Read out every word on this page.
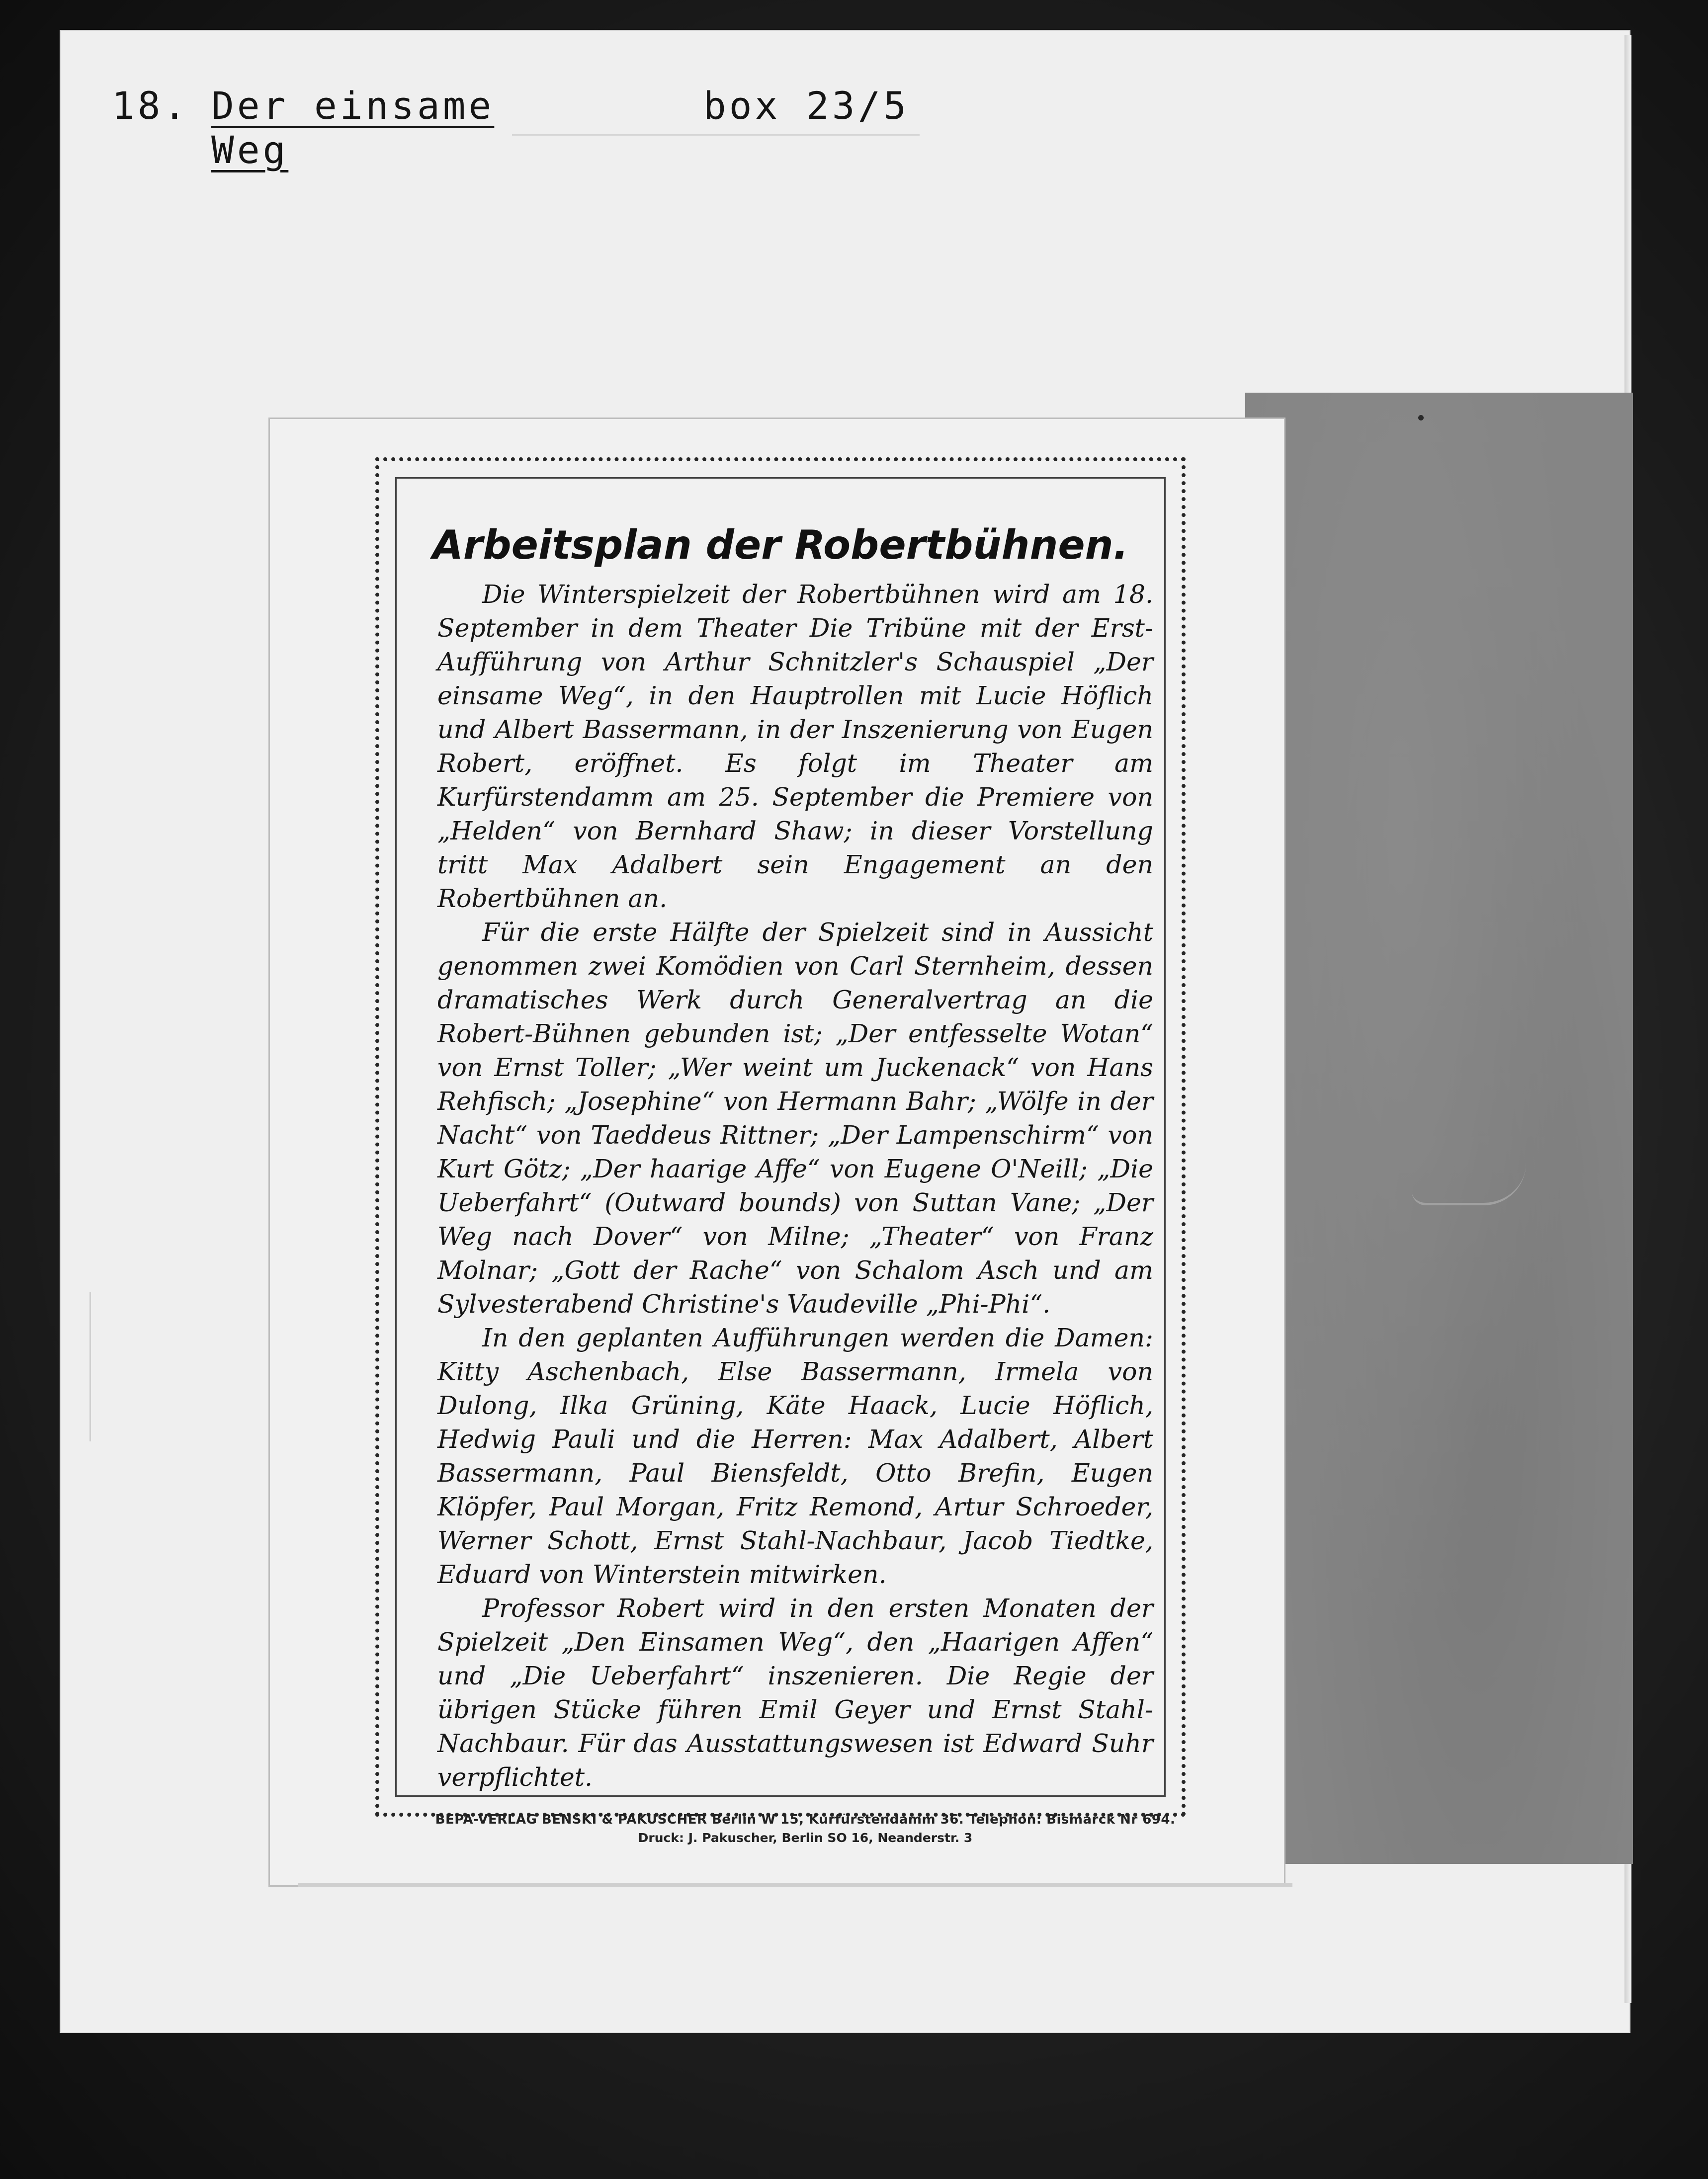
18. Der einsame Weg
box 23/5
Arbeitsplan der Robertbühnen.

Die Winterspielzeit der Robertbühnen wird am 18. September in dem Theater Die Tribüne mit der Erst-Aufführung von Arthur Schnitzler's Schauspiel „Der einsame Weg“, in den Hauptrollen mit Lucie Höflich und Albert Bassermann, in der Inszenierung von Eugen Robert, eröffnet. Es folgt im Theater am Kurfürstendamm am 25. September die Premiere von „Helden“ von Bernhard Shaw; in dieser Vorstellung tritt Max Adalbert sein Engagement an den Robertbühnen an.

Für die erste Hälfte der Spielzeit sind in Aussicht genommen zwei Komödien von Carl Sternheim, dessen dramatisches Werk durch Generalvertrag an die Robert-Bühnen gebunden ist; „Der entfesselte Wotan“ von Ernst Toller; „Wer weint um Juckenack“ von Hans Rehfisch; „Josephine“ von Hermann Bahr; „Wölfe in der Nacht“ von Taeddeus Rittner; „Der Lampenschirm“ von Kurt Götz; „Der haarige Affe“ von Eugene O'Neill; „Die Ueberfahrt“ (Outward bounds) von Suttan Vane; „Der Weg nach Dover“ von Milne; „Theater“ von Franz Molnar; „Gott der Rache“ von Schalom Asch und am Sylvesterabend Christine's Vaudeville „Phi-Phi“.

In den geplanten Aufführungen werden die Damen: Kitty Aschenbach, Else Bassermann, Irmela von Dulong, Ilka Grüning, Käte Haack, Lucie Höflich, Hedwig Pauli und die Herren: Max Adalbert, Albert Bassermann, Paul Biensfeldt, Otto Brefin, Eugen Klöpfer, Paul Morgan, Fritz Remond, Artur Schroeder, Werner Schott, Ernst Stahl-Nachbaur, Jacob Tiedtke, Eduard von Winterstein mitwirken.

Professor Robert wird in den ersten Monaten der Spielzeit „Den Einsamen Weg“, den „Haarigen Affen“ und „Die Ueberfahrt“ inszenieren. Die Regie der übrigen Stücke führen Emil Geyer und Ernst Stahl-Nachbaur. Für das Ausstattungswesen ist Edward Suhr verpflichtet.

BEPA-VERLAG BENSKI & PAKUSCHER Berlin W 15, Kurfürstendamm 36. Telephon: Bismarck Nr 694.
Druck: J. Pakuscher, Berlin SO 16, Neanderstr. 3
